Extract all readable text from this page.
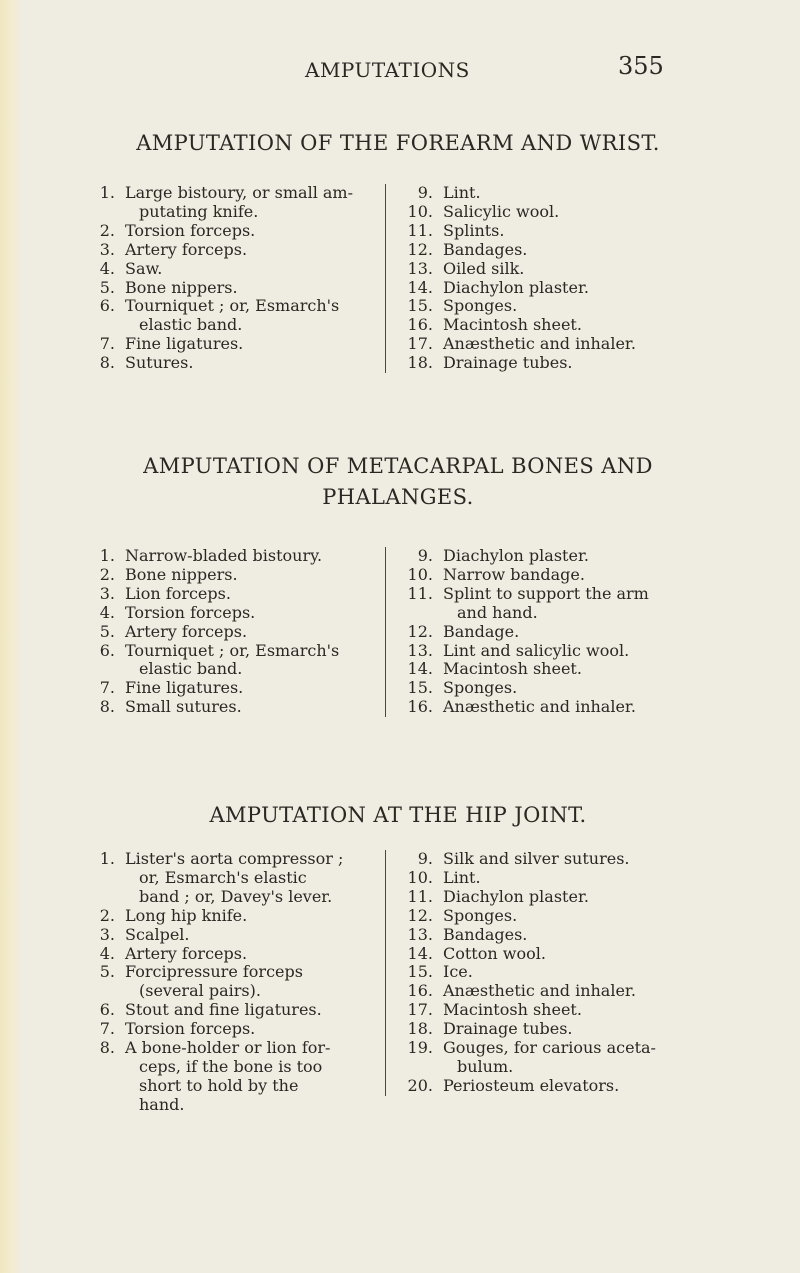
AMPUTATIONS	355
AMPUTATION OF THE FOREARM AND WRIST.
1. Large bistoury, or small am-
putating knife.
2. Torsion forceps.
3. Artery forceps.
4. Saw.
5. Bone nippers.
6. Tourniquet ; or, Esmarch's
elastic band.
7. Fine ligatures.
8. Sutures.
9. Lint.
10. Salicylic wool.
11. Splints.
12. Bandages.
13. Oiled silk.
14. Diachylon plaster.
15. Sponges.
16. Macintosh sheet.
17. Anæsthetic and inhaler.
18. Drainage tubes.
AMPUTATION OF METACARPAL BONES AND
PHALANGES.
1. Narrow-bladed bistoury.
2. Bone nippers.
3. Lion forceps.
4. Torsion forceps.
5. Artery forceps.
6. Tourniquet ; or, Esmarch's
elastic band.
7. Fine ligatures.
8. Small sutures.
9. Diachylon plaster.
10. Narrow bandage.
11. Splint to support the arm
and hand.
12. Bandage.
13. Lint and salicylic wool.
14. Macintosh sheet.
15. Sponges.
16. Anæsthetic and inhaler.
AMPUTATION AT THE HIP JOINT.
1. Lister's aorta compressor ;
or, Esmarch's elastic
band ; or, Davey's lever.
2. Long hip knife.
3. Scalpel.
4. Artery forceps.
5. Forcipressure forceps
(several pairs).
6. Stout and fine ligatures.
7. Torsion forceps.
8. A bone-holder or lion for-
ceps, if the bone is too
short to hold by the
hand.
9. Silk and silver sutures.
10. Lint.
11. Diachylon plaster.
12. Sponges.
13. Bandages.
14. Cotton wool.
15. Ice.
16. Anæsthetic and inhaler.
17. Macintosh sheet.
18. Drainage tubes.
19. Gouges, for carious aceta-
bulum.
20. Periosteum elevators.
